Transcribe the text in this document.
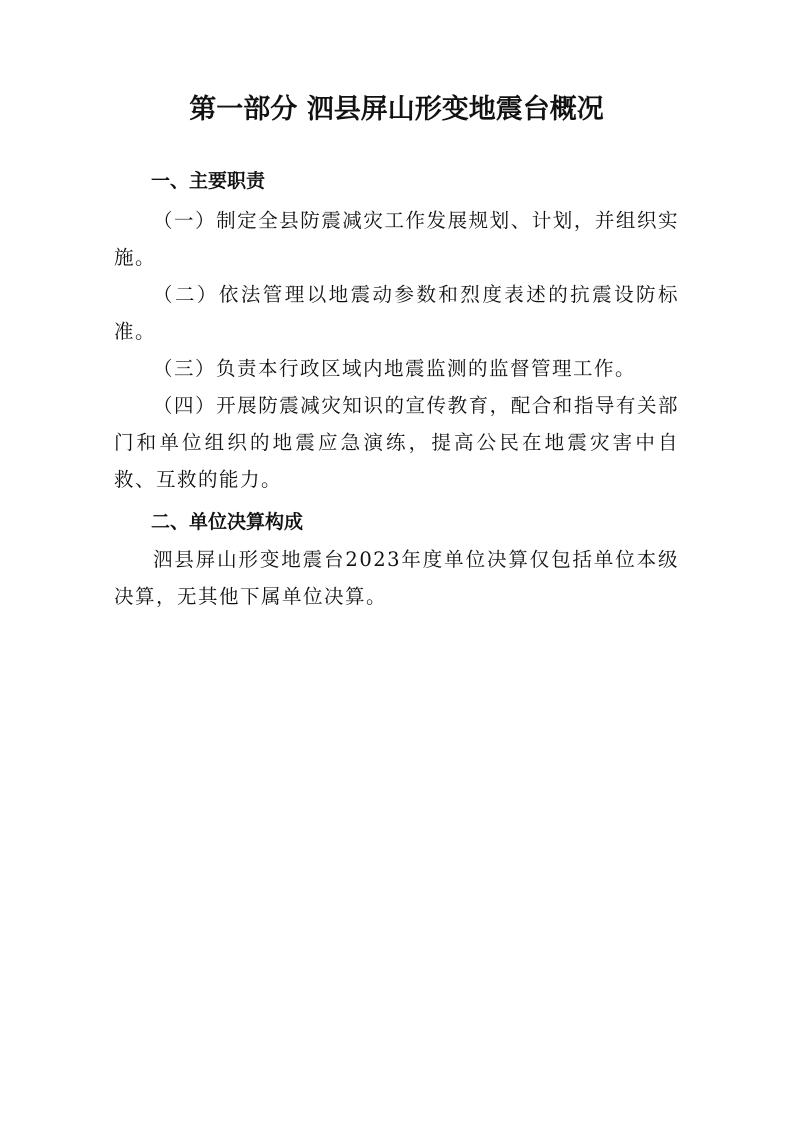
第一部分 泗县屏山形变地震台概况
一、主要职责

（一）制定全县防震减灾工作发展规划、计划，并组织实施。

（二）依法管理以地震动参数和烈度表述的抗震设防标准。

（三）负责本行政区域内地震监测的监督管理工作。

（四）开展防震减灾知识的宣传教育，配合和指导有关部门和单位组织的地震应急演练，提高公民在地震灾害中自救、互救的能力。

二、单位决算构成

泗县屏山形变地震台2023年度单位决算仅包括单位本级决算，无其他下属单位决算。
